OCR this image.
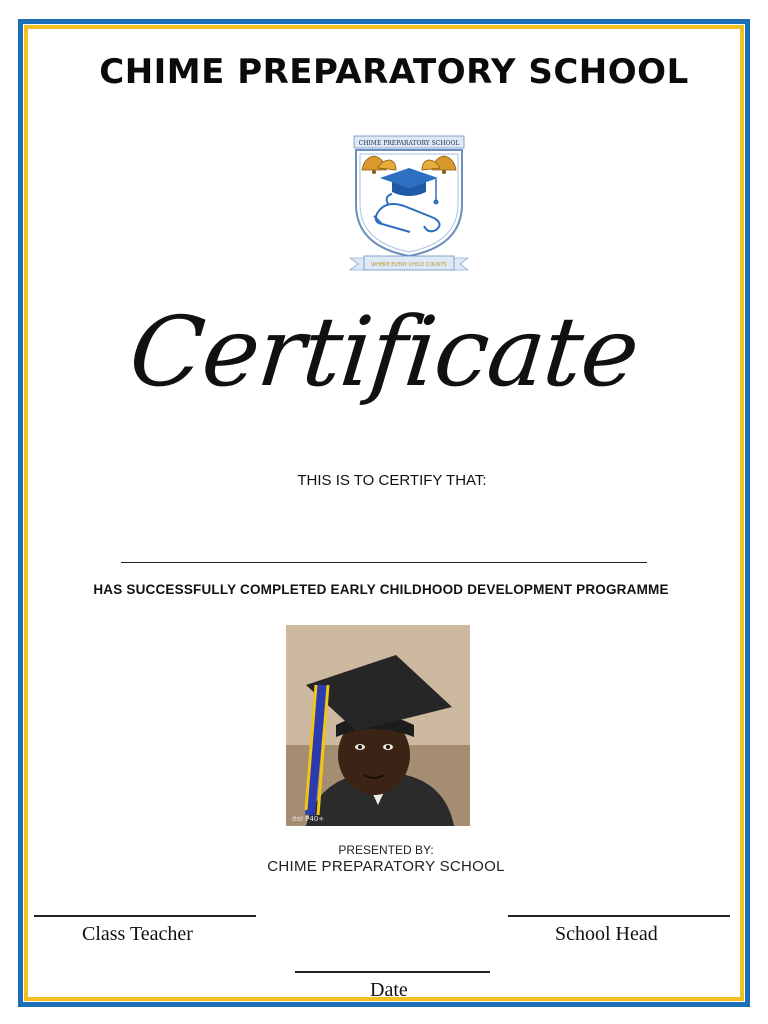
CHIME PREPARATORY SCHOOL
CHIME PREPARATORY SCHOOL
WHERE EVERY CHILD COUNTS
Certificate
THIS IS TO CERTIFY THAT:
HAS SUCCESSFULLY COMPLETED EARLY CHILDHOOD DEVELOPMENT PROGRAMME
itel P40+
PRESENTED BY:
CHIME PREPARATORY SCHOOL
Class Teacher	School Head
Date
